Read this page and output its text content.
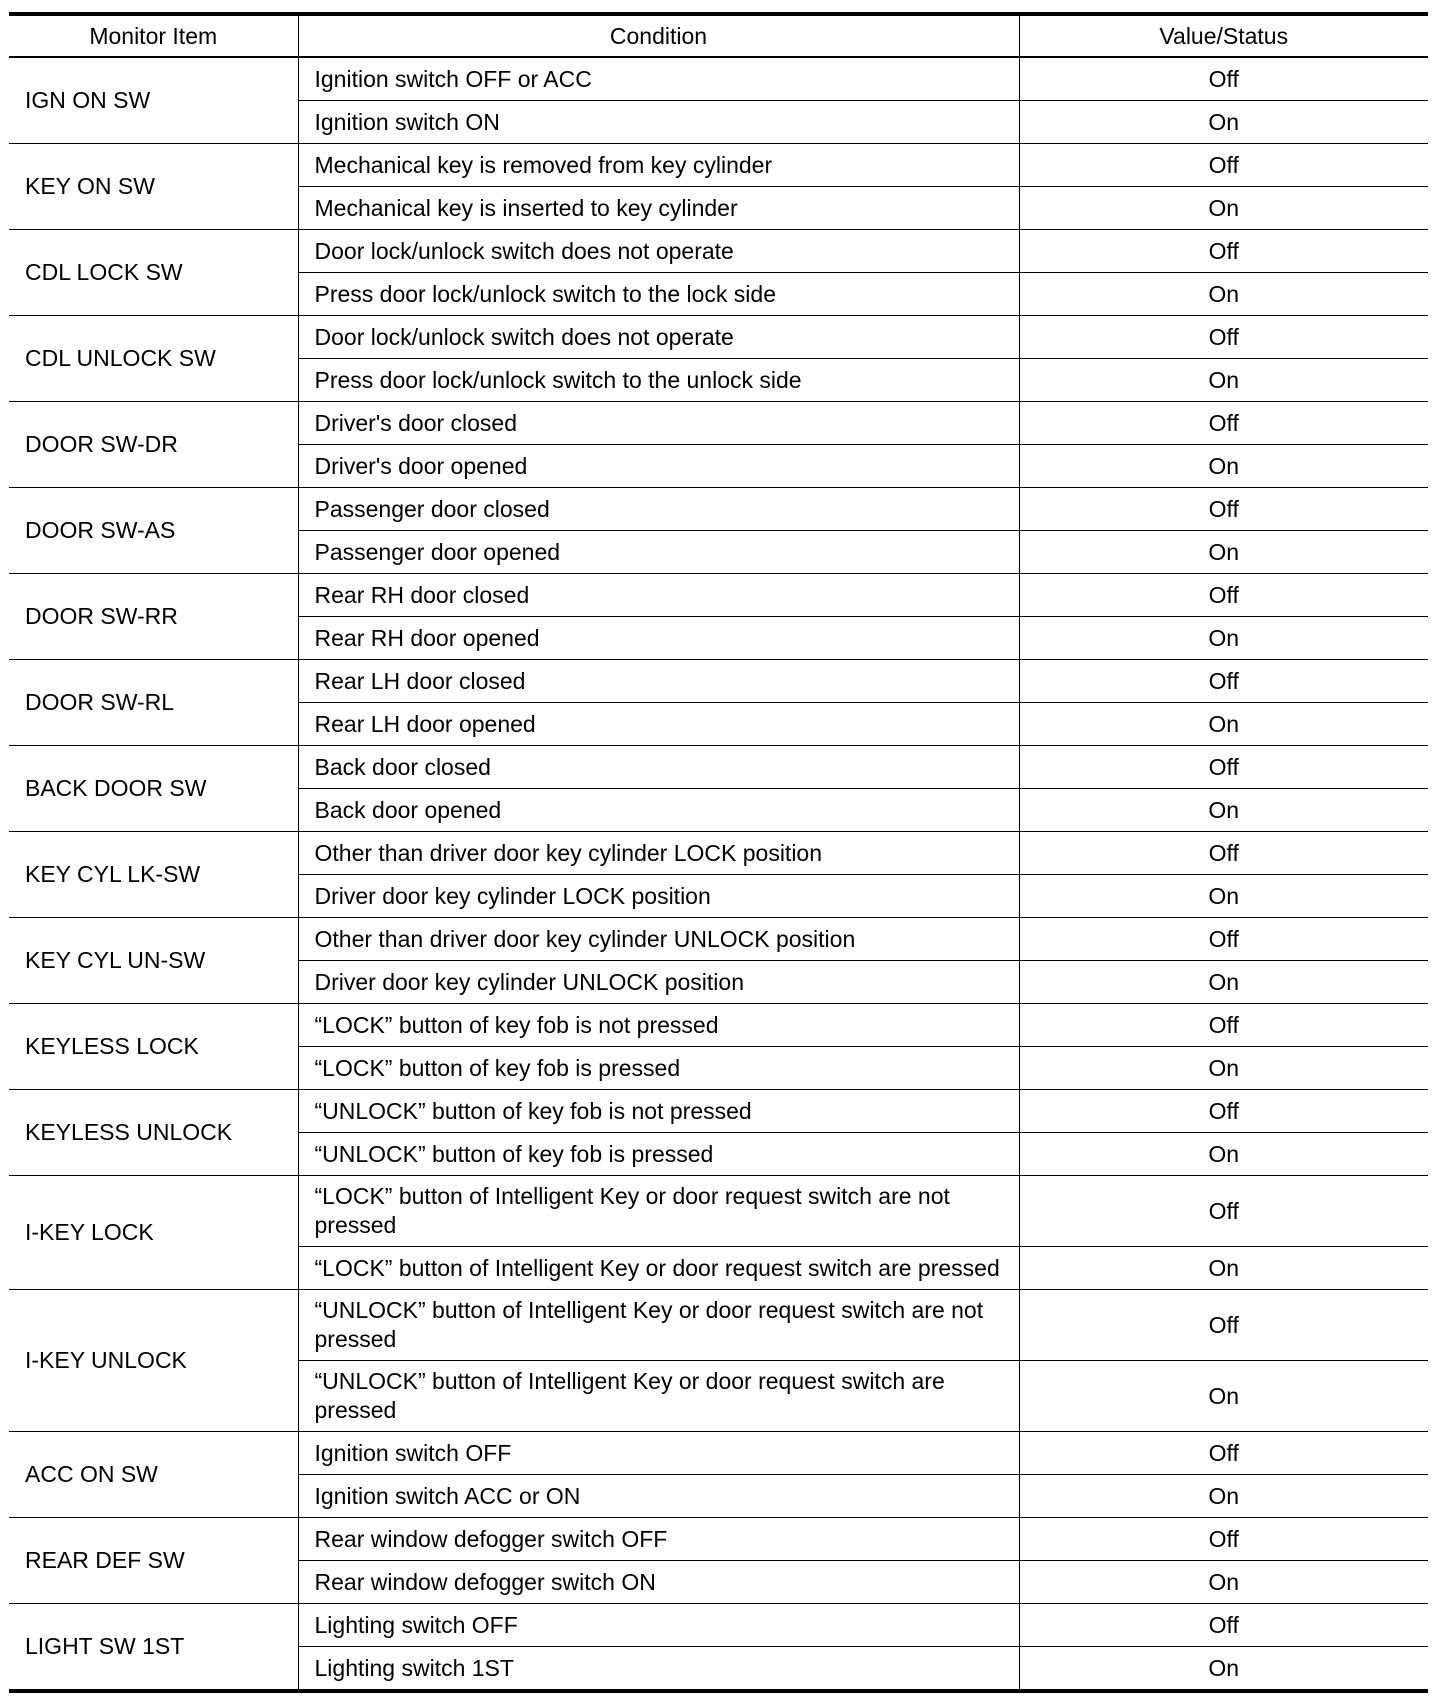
Monitor Item	Condition	Value/Status
IGN ON SW	Ignition switch OFF or ACC	Off
	Ignition switch ON	On
KEY ON SW	Mechanical key is removed from key cylinder	Off
	Mechanical key is inserted to key cylinder	On
CDL LOCK SW	Door lock/unlock switch does not operate	Off
	Press door lock/unlock switch to the lock side	On
CDL UNLOCK SW	Door lock/unlock switch does not operate	Off
	Press door lock/unlock switch to the unlock side	On
DOOR SW-DR	Driver's door closed	Off
	Driver's door opened	On
DOOR SW-AS	Passenger door closed	Off
	Passenger door opened	On
DOOR SW-RR	Rear RH door closed	Off
	Rear RH door opened	On
DOOR SW-RL	Rear LH door closed	Off
	Rear LH door opened	On
BACK DOOR SW	Back door closed	Off
	Back door opened	On
KEY CYL LK-SW	Other than driver door key cylinder LOCK position	Off
	Driver door key cylinder LOCK position	On
KEY CYL UN-SW	Other than driver door key cylinder UNLOCK position	Off
	Driver door key cylinder UNLOCK position	On
KEYLESS LOCK	“LOCK” button of key fob is not pressed	Off
	“LOCK” button of key fob is pressed	On
KEYLESS UNLOCK	“UNLOCK” button of key fob is not pressed	Off
	“UNLOCK” button of key fob is pressed	On
I-KEY LOCK	“LOCK” button of Intelligent Key or door request switch are not pressed	Off
	“LOCK” button of Intelligent Key or door request switch are pressed	On
I-KEY UNLOCK	“UNLOCK” button of Intelligent Key or door request switch are not pressed	Off
	“UNLOCK” button of Intelligent Key or door request switch are pressed	On
ACC ON SW	Ignition switch OFF	Off
	Ignition switch ACC or ON	On
REAR DEF SW	Rear window defogger switch OFF	Off
	Rear window defogger switch ON	On
LIGHT SW 1ST	Lighting switch OFF	Off
	Lighting switch 1ST	On
